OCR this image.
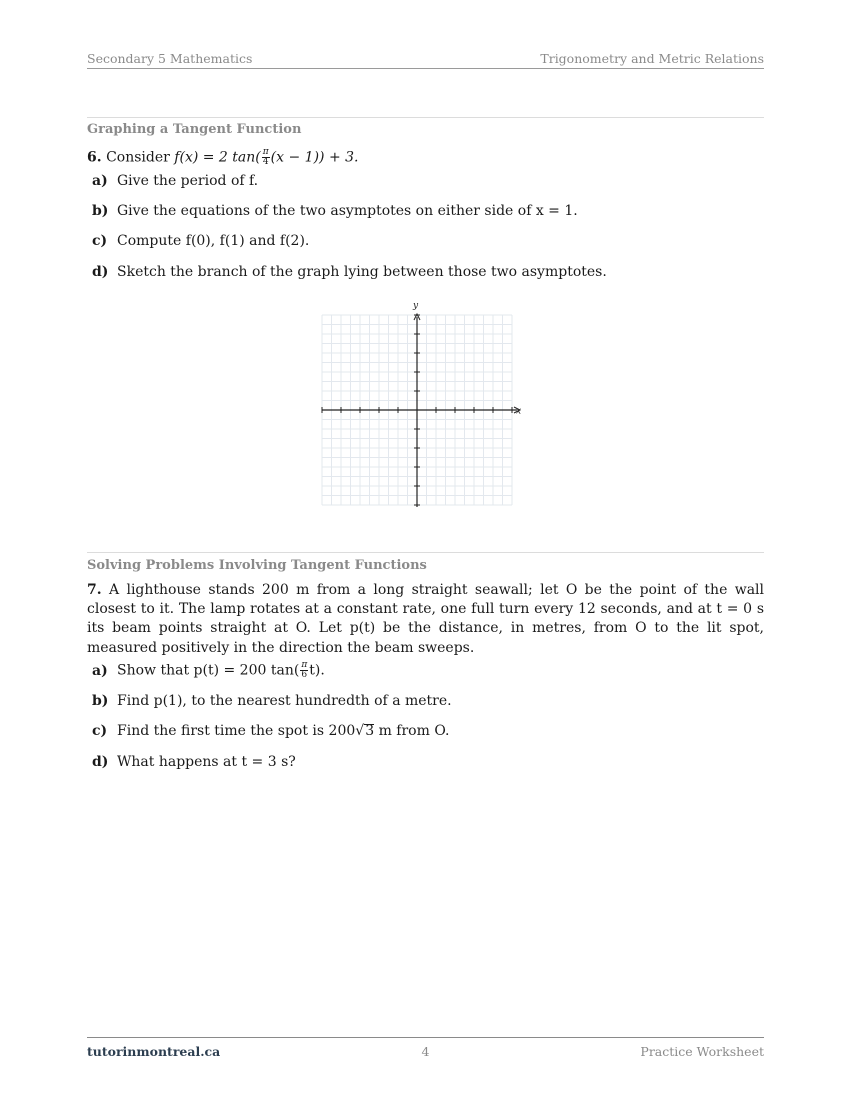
Secondary 5 Mathematics	Trigonometry and Metric Relations
Graphing a Tangent Function
6. Consider f(x) = 2 $\tan( \frac{\pi}{4} (x - 1)) + 3$.
a) Give the period of f.
b) Give the equations of the two asymptotes on either side of x = 1.
c) Compute f(0), f(1) and f(2).
d) Sketch the branch of the graph lying between those two asymptotes.
x
y
Solving Problems Involving Tangent Functions
7. A lighthouse stands 200 m from a long straight seawall; let O be the point of the wall closest to it. The lamp rotates at a constant rate, one full turn every 12 seconds, and at t = 0 s its beam points straight at O. Let p(t) be the distance, in metres, from O to the lit spot, measured positively in the direction the beam sweeps.
a) Show that p(t) = 200 $\tan( \frac{\pi}{6} t)$.
b) Find p(1), to the nearest hundredth of a metre.
c) Find the first time the spot is 200√3 m from O.
d) What happens at t = 3 s?
tutorinmontreal.ca	4	Practice Worksheet
